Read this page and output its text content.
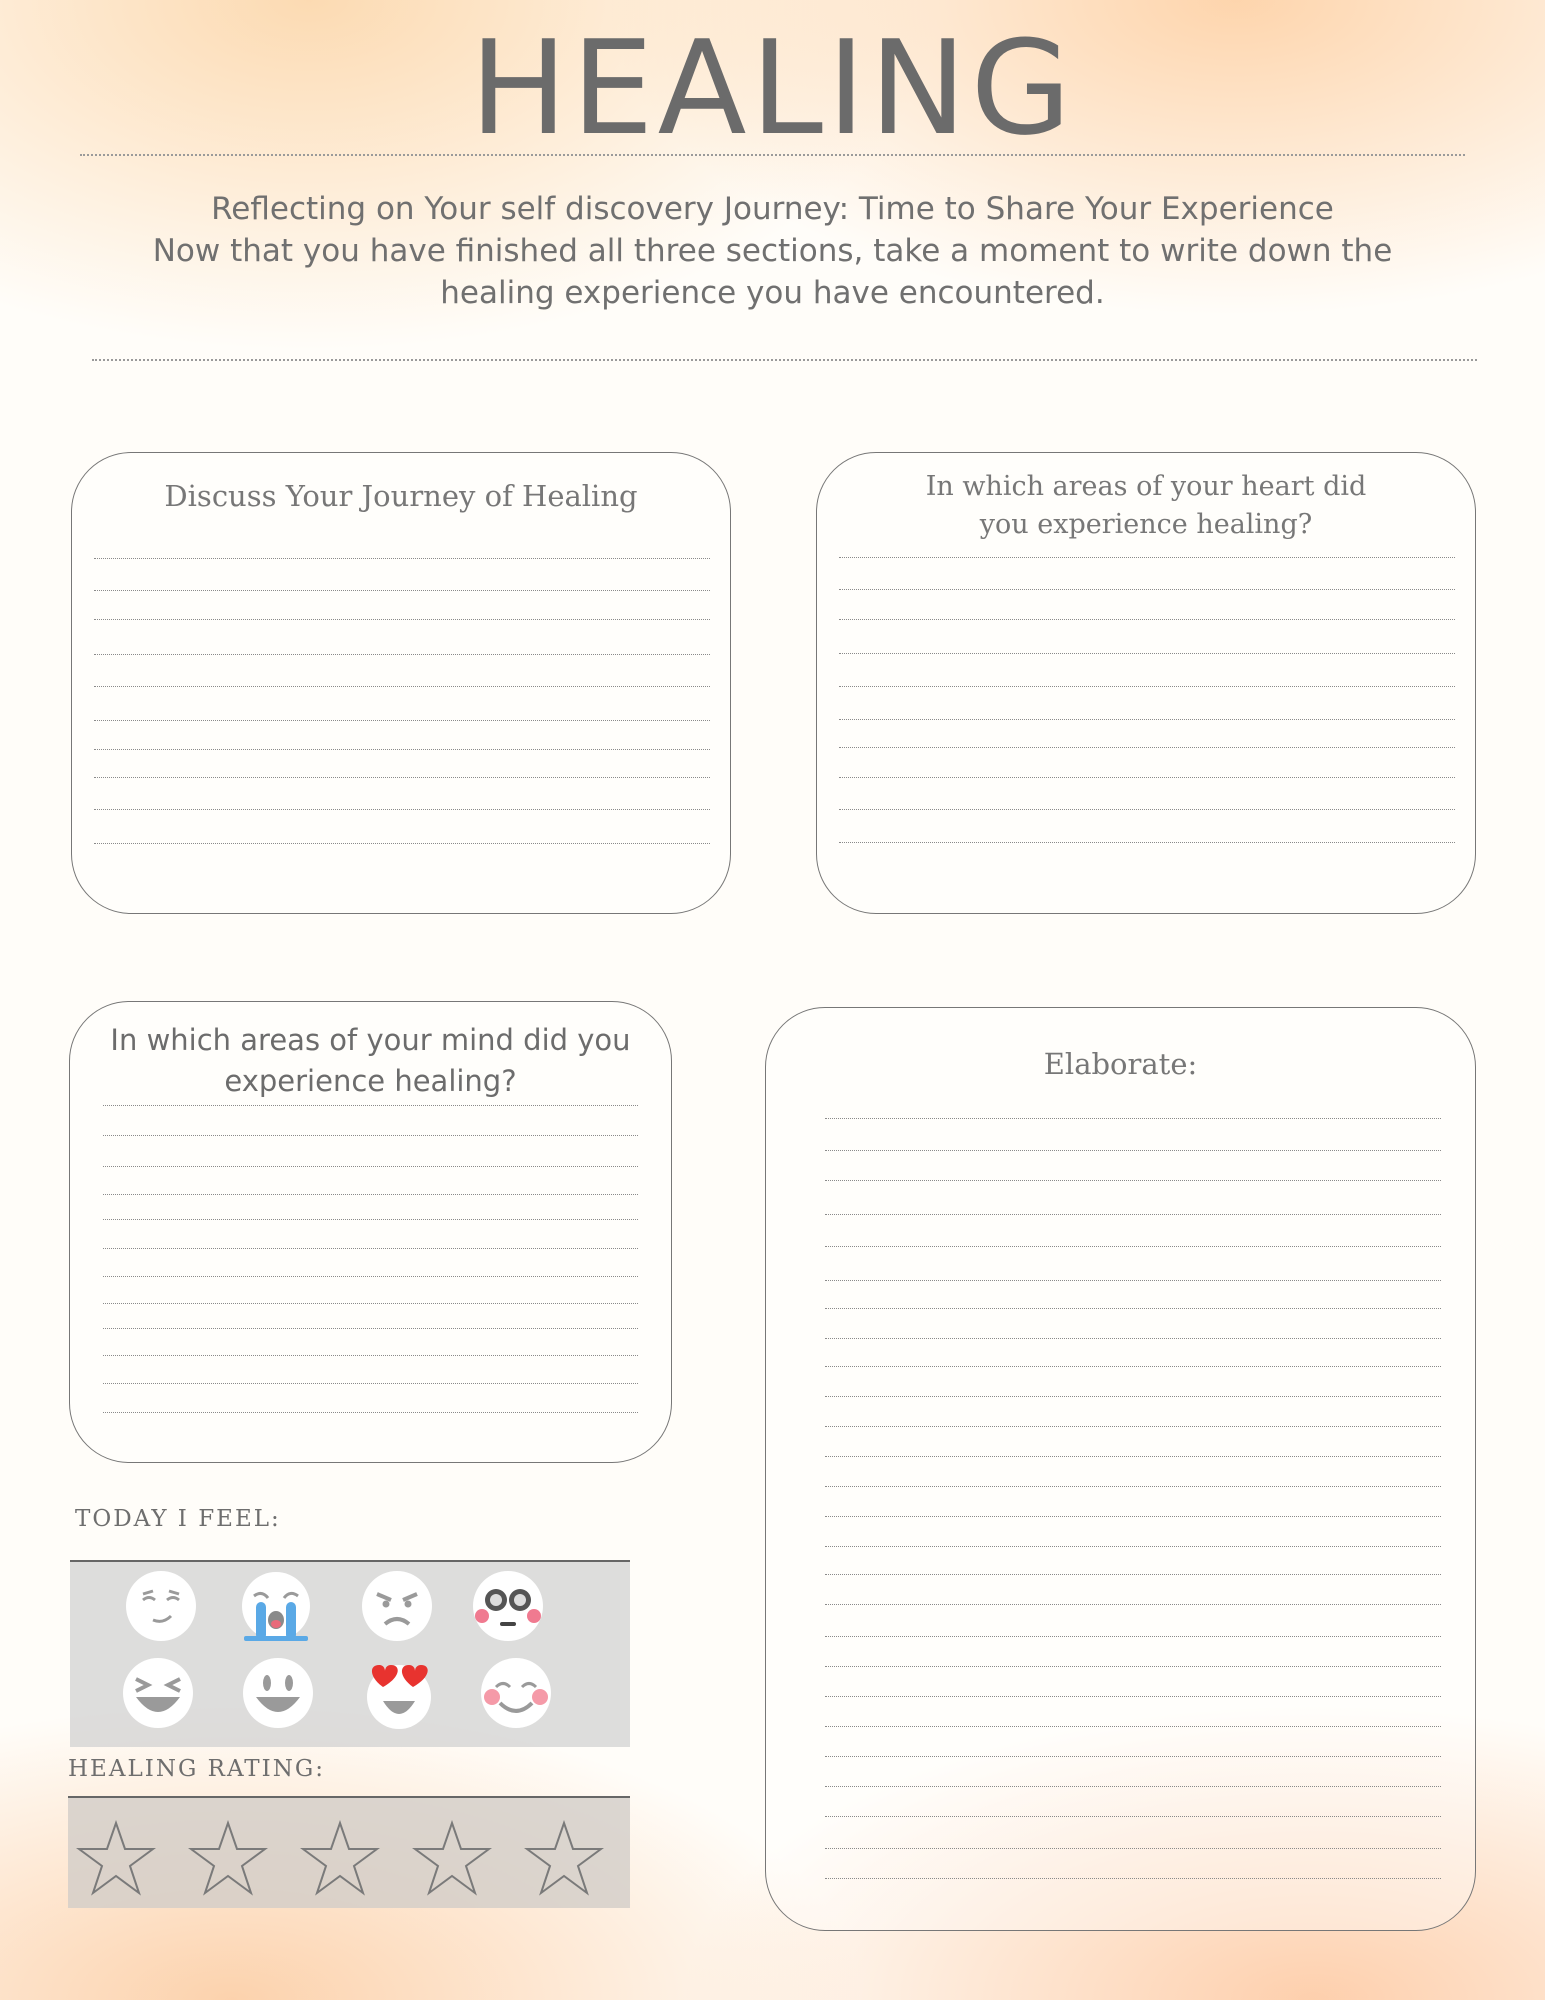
HEALING
Reflecting on Your self discovery Journey: Time to Share Your Experience
Now that you have finished all three sections, take a moment to write down the healing experience you have encountered.
Discuss Your Journey of Healing	In which areas of your heart did you experience healing?
In which areas of your mind did you experience healing?	Elaborate:
TODAY I FEEL:
HEALING RATING:
